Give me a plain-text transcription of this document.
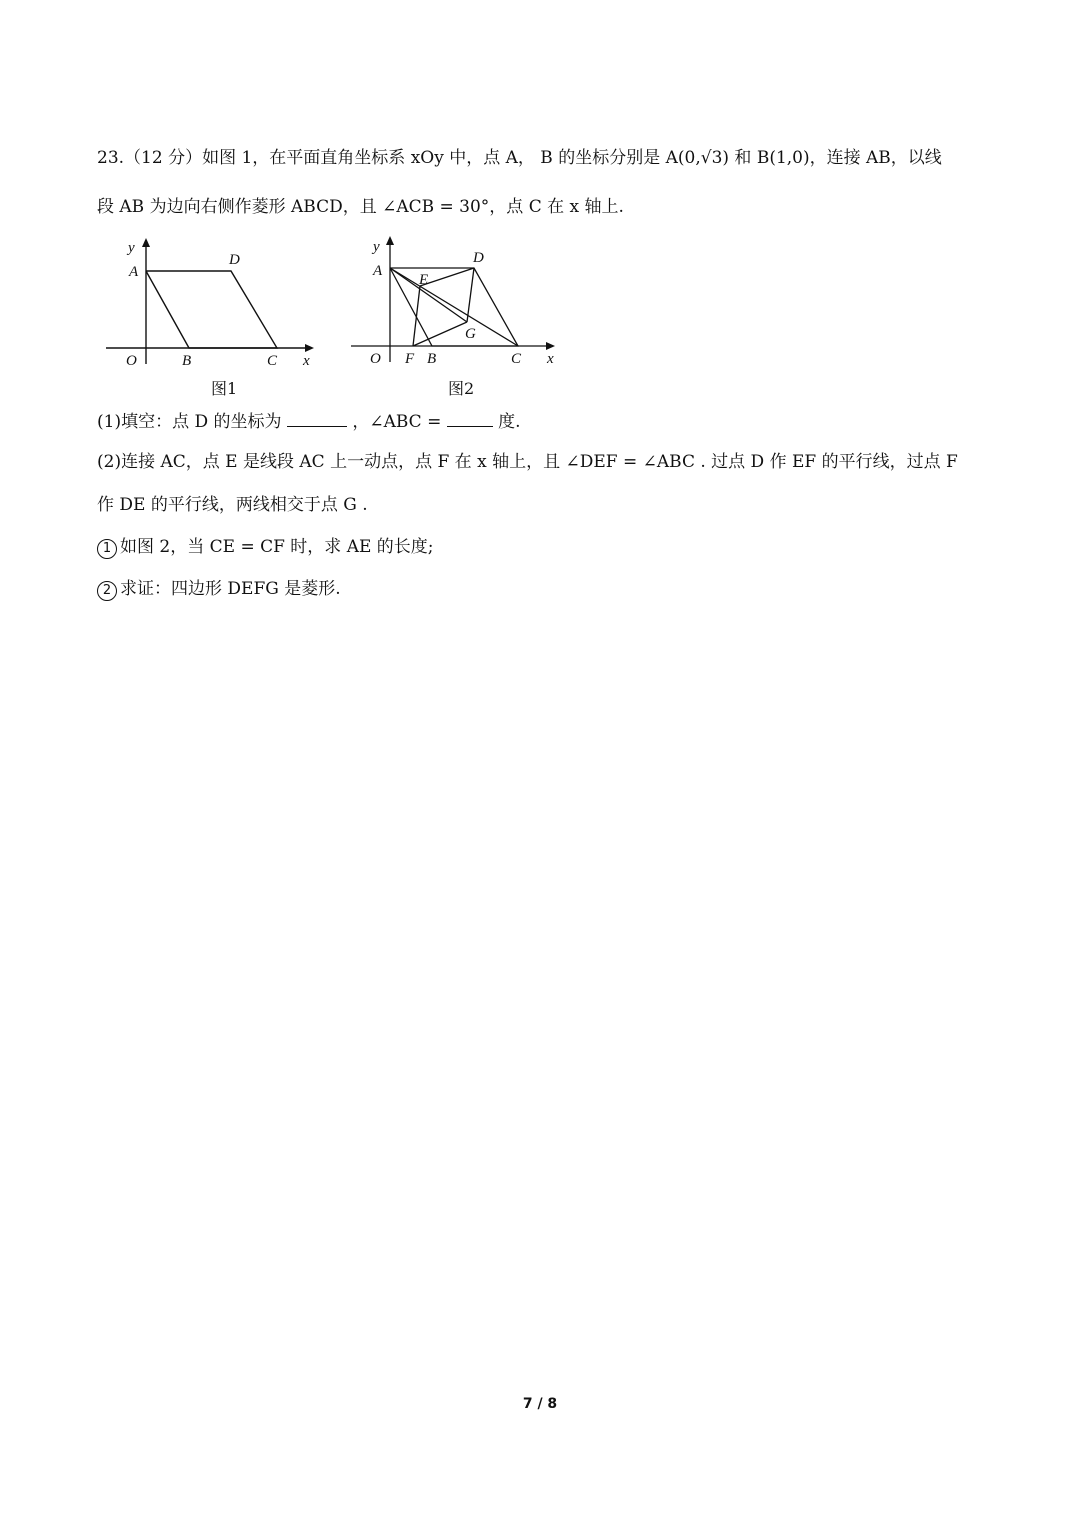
23.（12 分）如图 1，在平面直角坐标系 xOy 中，点 A， B 的坐标分别是 A(0,√3) 和 B(1,0)，连接 AB，以线
段 AB 为边向右侧作菱形 ABCD，且 ∠ACB = 30°，点 C 在 x 轴上.
y
A
D
O	B	C x
图1
y
A
E
D
G
O F B	C x
图2
(1)填空：点 D 的坐标为	，∠ABC =	度.
(2)连接 AC，点 E 是线段 AC 上一动点，点 F 在 x 轴上，且 ∠DEF = ∠ABC . 过点 D 作 EF 的平行线，过点 F
作 DE 的平行线，两线相交于点 G .
1 如图 2，当 CE = CF 时，求 AE 的长度;
2 求证：四边形 DEFG 是菱形.
7 / 8
